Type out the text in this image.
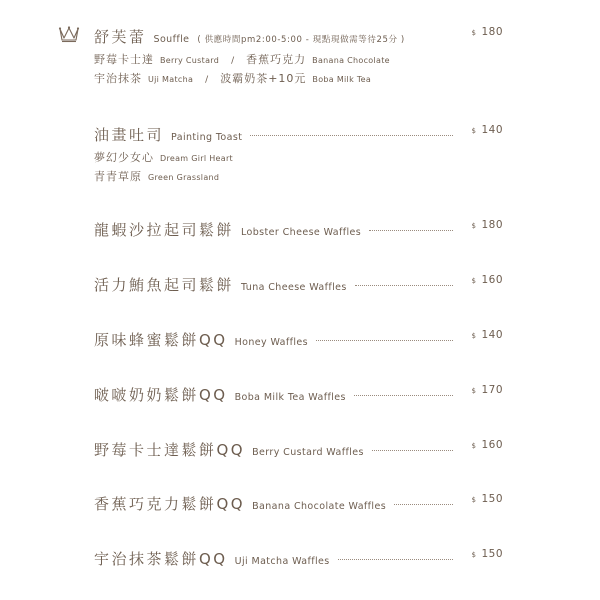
舒芙蕾 Souffle ( 供應時間pm2:00-5:00 - 現點現做需等待25分 )
$ 180
野莓卡士達 Berry Custard / 香蕉巧克力 Banana Chocolate
宇治抹茶 Uji Matcha / 波霸奶茶+10元 Boba Milk Tea
油畫吐司 Painting Toast
$ 140
夢幻少女心 Dream Girl Heart
青青草原 Green Grassland
龍蝦沙拉起司鬆餅 Lobster Cheese Waffles
$ 180
活力鮪魚起司鬆餅 Tuna Cheese Waffles
$ 160
原味蜂蜜鬆餅QQ Honey Waffles
$ 140
啵啵奶奶鬆餅QQ Boba Milk Tea Waffles
$ 170
野莓卡士達鬆餅QQ Berry Custard Waffles
$ 160
香蕉巧克力鬆餅QQ Banana Chocolate Waffles
$ 150
宇治抹茶鬆餅QQ Uji Matcha Waffles
$ 150
